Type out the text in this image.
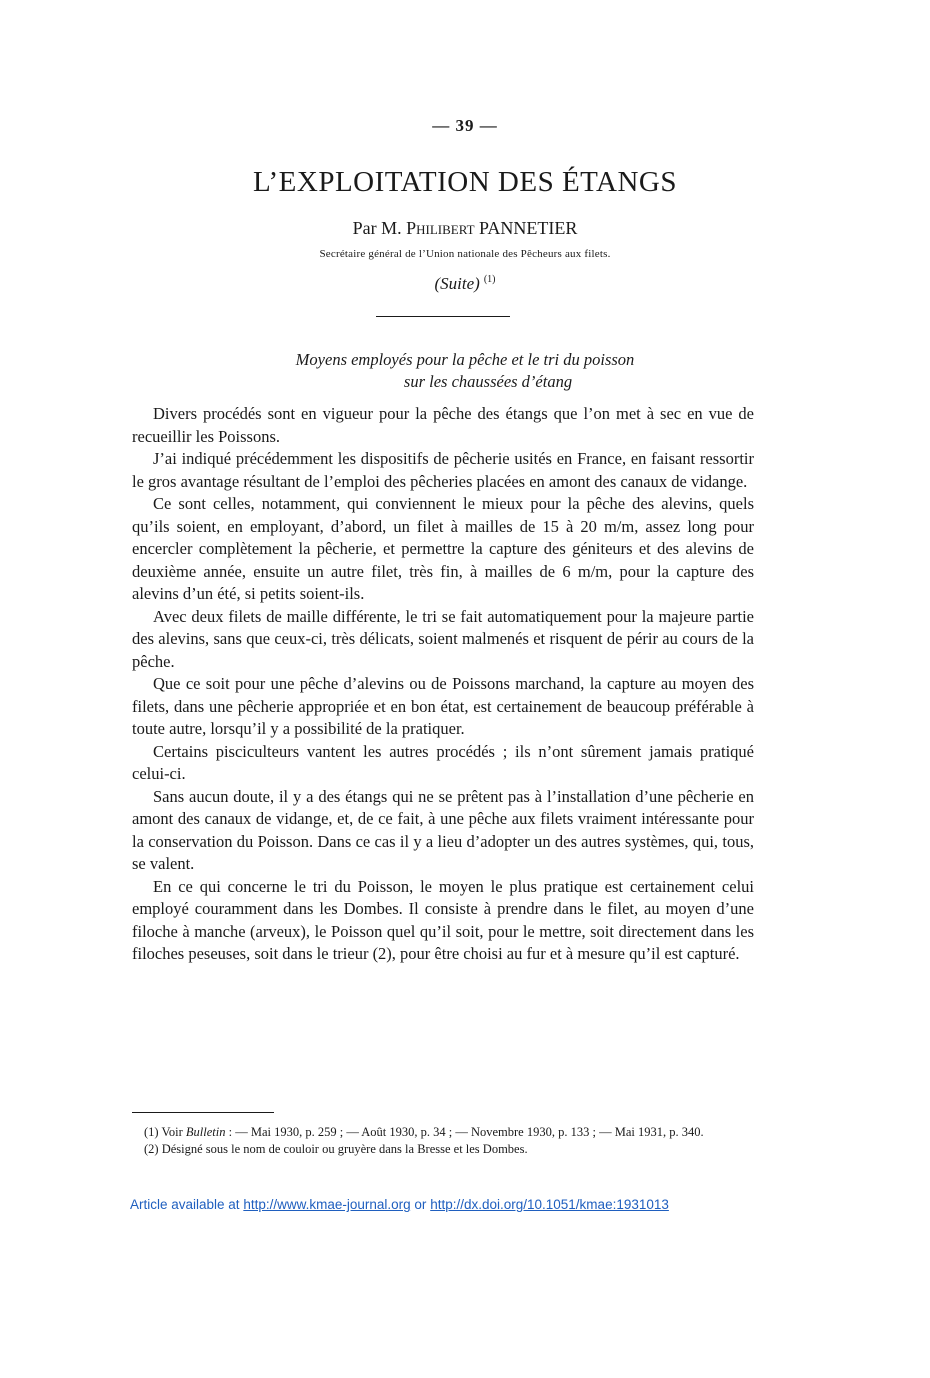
— 39 —
L’EXPLOITATION DES ÉTANGS
Par M. Philibert PANNETIER
Secrétaire général de l’Union nationale des Pêcheurs aux filets.
(Suite) $^{(1)}$
Moyens employés pour la pêche et le tri du poisson
sur les chaussées d’étang

Divers procédés sont en vigueur pour la pêche des étangs que l’on met à sec en vue de recueillir les Poissons.

J’ai indiqué précédemment les dispositifs de pêcherie usités en France, en faisant ressortir le gros avantage résultant de l’emploi des pêcheries placées en amont des canaux de vidange.

Ce sont celles, notamment, qui conviennent le mieux pour la pêche des alevins, quels qu’ils soient, en employant, d’abord, un filet à mailles de 15 à 20 m/m, assez long pour encercler complètement la pêcherie, et permettre la capture des géniteurs et des alevins de deuxième année, ensuite un autre filet, très fin, à mailles de 6 m/m, pour la capture des alevins d’un été, si petits soient-ils.

Avec deux filets de maille différente, le tri se fait automatiquement pour la majeure partie des alevins, sans que ceux-ci, très délicats, soient malmenés et risquent de périr au cours de la pêche.

Que ce soit pour une pêche d’alevins ou de Poissons marchand, la capture au moyen des filets, dans une pêcherie appropriée et en bon état, est certainement de beaucoup préférable à toute autre, lorsqu’il y a possibilité de la pratiquer.

Certains pisciculteurs vantent les autres procédés ; ils n’ont sûrement jamais pratiqué celui-ci.

Sans aucun doute, il y a des étangs qui ne se prêtent pas à l’installation d’une pêcherie en amont des canaux de vidange, et, de ce fait, à une pêche aux filets vraiment intéressante pour la conservation du Poisson. Dans ce cas il y a lieu d’adopter un des autres systèmes, qui, tous, se valent.

En ce qui concerne le tri du Poisson, le moyen le plus pratique est certainement celui employé couramment dans les Dombes. Il consiste à prendre dans le filet, au moyen d’une filoche à manche (arveux), le Poisson quel qu’il soit, pour le mettre, soit directement dans les filoches peseuses, soit dans le trieur (2), pour être choisi au fur et à mesure qu’il est capturé.

(1) Voir Bulletin : — Mai 1930, p. 259 ; — Août 1930, p. 34 ; — Novembre 1930, p. 133 ; — Mai 1931, p. 340.

(2) Désigné sous le nom de couloir ou gruyère dans la Bresse et les Dombes.

Article available at http://www.kmae-journal.org or http://dx.doi.org/10.1051/kmae:1931013
